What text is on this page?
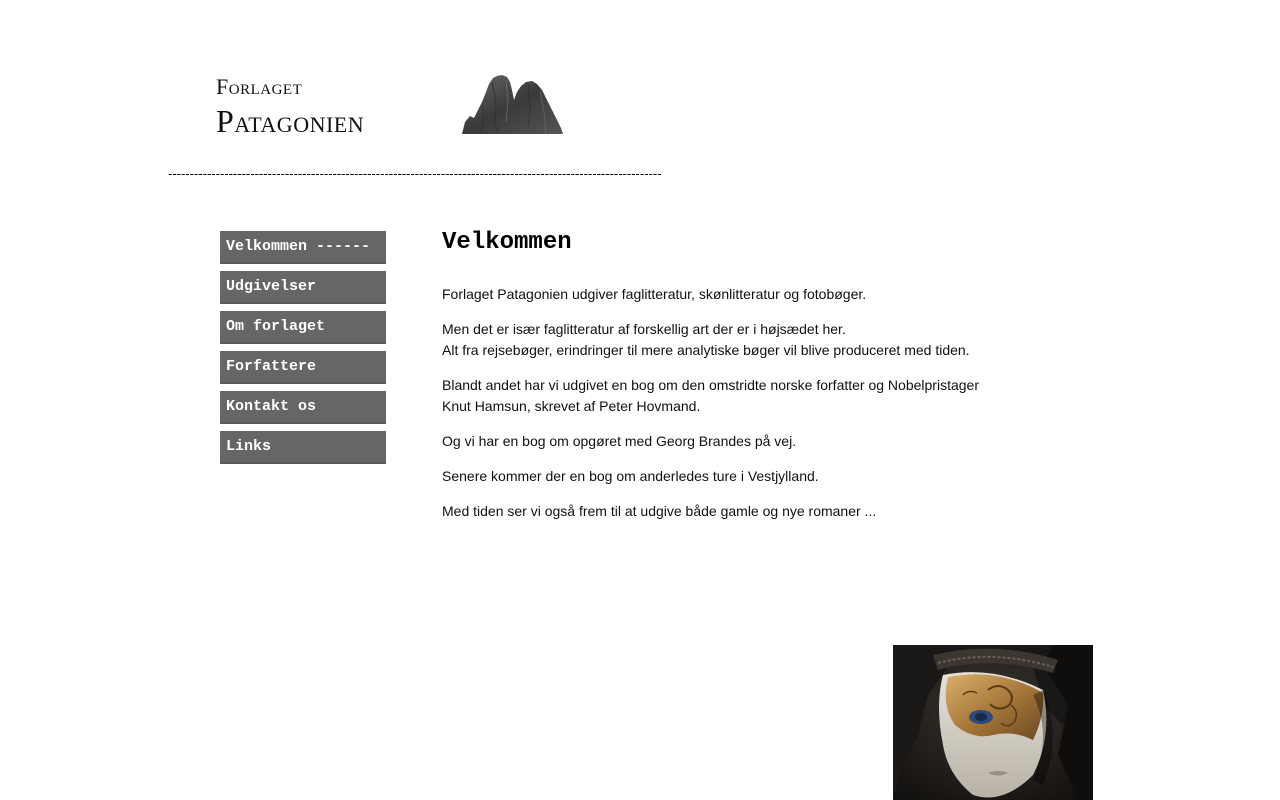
Forlaget
Patagonien
------------------------------------------------------------------------------------------------------------------
Velkommen ------
Udgivelser
Om forlaget
Forfattere
Kontakt os
Links
Velkommen

Forlaget Patagonien udgiver faglitteratur, skønlitteratur og fotobøger.

Men det er især faglitteratur af forskellig art der er i højsædet her.
Alt fra rejsebøger, erindringer til mere analytiske bøger vil blive produceret med tiden.

Blandt andet har vi udgivet en bog om den omstridte norske forfatter og Nobelpristager
Knut Hamsun, skrevet af Peter Hovmand.

Og vi har en bog om opgøret med Georg Brandes på vej.

Senere kommer der en bog om anderledes ture i Vestjylland.

Med tiden ser vi også frem til at udgive både gamle og nye romaner ...
